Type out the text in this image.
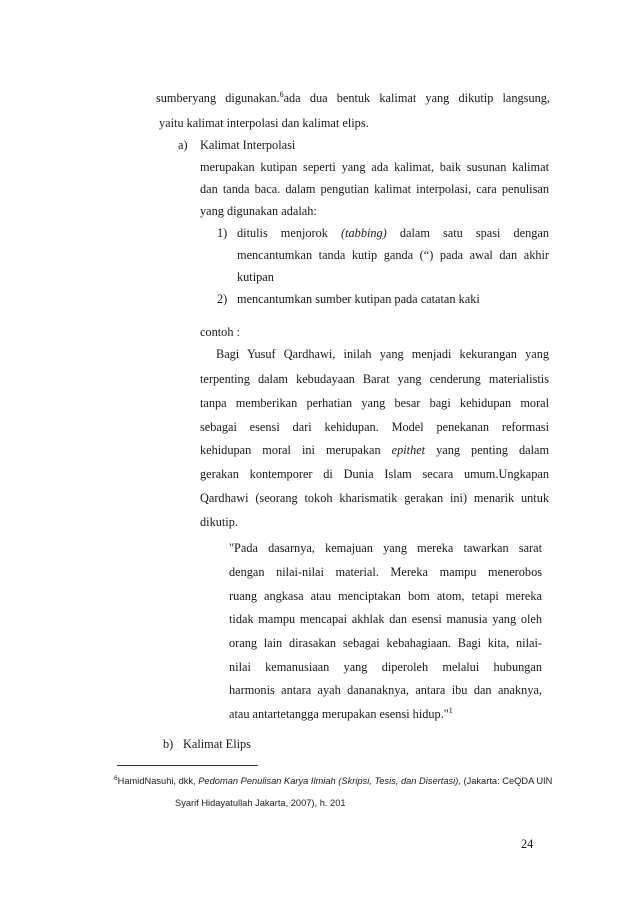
sumberyang digunakan.$^6$ada dua bentuk kalimat yang dikutip langsung,
yaitu kalimat interpolasi dan kalimat elips.
a) Kalimat Interpolasi
merupakan kutipan seperti yang ada kalimat, baik susunan kalimat
dan tanda baca. dalam pengutian kalimat interpolasi, cara penulisan
yang digunakan adalah:
1) ditulis menjorok (tabbing) dalam satu spasi dengan
mencantumkan tanda kutip ganda (“) pada awal dan akhir
kutipan
2) mencantumkan sumber kutipan pada catatan kaki
contoh :
Bagi Yusuf Qardhawi, inilah yang menjadi kekurangan yang
terpenting dalam kebudayaan Barat yang cenderung materialistis
tanpa memberikan perhatian yang besar bagi kehidupan moral
sebagai esensi dari kehidupan. Model penekanan reformasi
kehidupan moral ini merupakan epithet yang penting dalam
gerakan kontemporer di Dunia Islam secara umum.Ungkapan
Qardhawi (seorang tokoh kharismatik gerakan ini) menarik untuk
dikutip.
"Pada dasarnya, kemajuan yang mereka tawarkan sarat
dengan nilai-nilai material. Mereka mampu menerobos
ruang angkasa atau menciptakan bom atom, tetapi mereka
tidak mampu mencapai akhlak dan esensi manusia yang oleh
orang lain dirasakan sebagai kebahagiaan. Bagi kita, nilai-
nilai kemanusiaan yang diperoleh melalui hubungan
harmonis antara ayah dananaknya, antara ibu dan anaknya,
atau antartetangga merupakan esensi hidup."$^1$
b) Kalimat Elips
$^6$HamidNasuhi, dkk, Pedoman Penulisan Karya Ilmiah (Skripsi, Tesis, dan Disertasi), (Jakarta: CeQDA UIN
Syarif Hidayatullah Jakarta, 2007), h. 201
24
